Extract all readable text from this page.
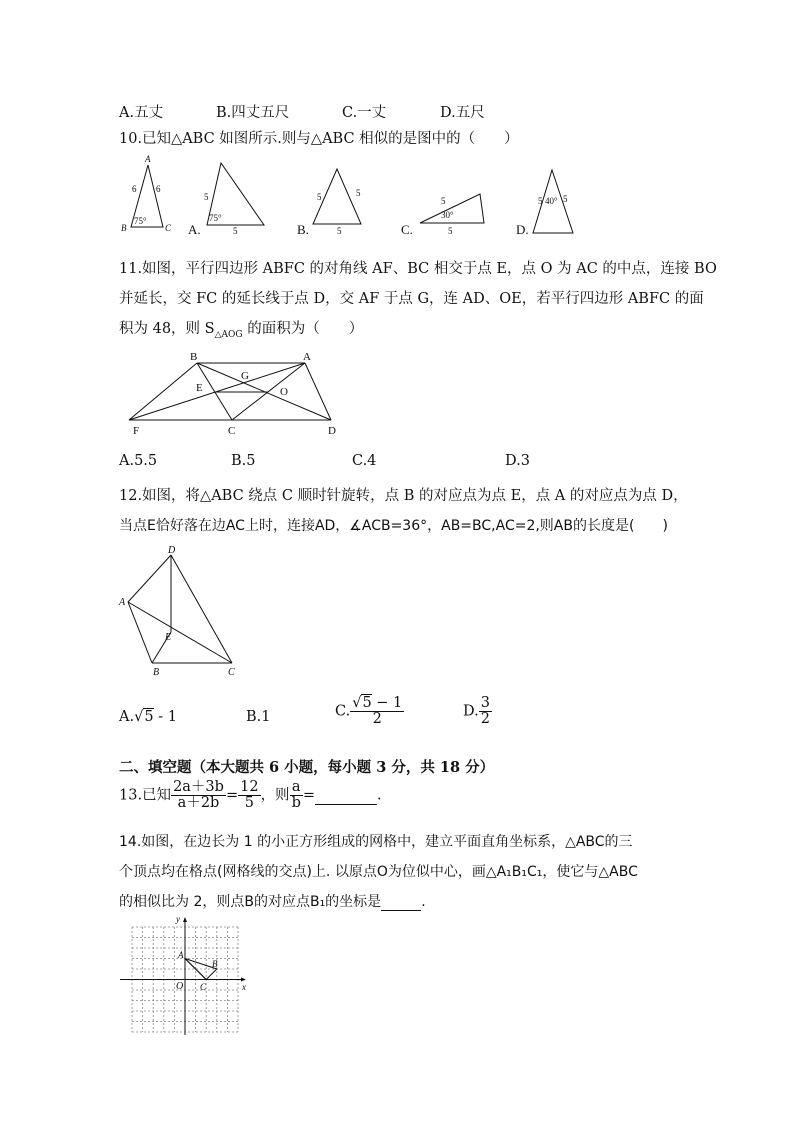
A.五丈	B.四丈五尺	C.一丈	D.五尺
10.已知△ABC 如图所示.则与△ABC 相似的是图中的（　　）
A
B	C
6 6
75°
5
5
75°
A.
5	5
5
B.
5
5
30°
C.
5 5
40°
D.
11.如图，平行四边形 ABFC 的对角线 AF、BC 相交于点 E，点 O 为 AC 的中点，连接 BO
并延长，交 FC 的延长线于点 D，交 AF 于点 G，连 AD、OE，若平行四边形 ABFC 的面
积为 48，则 $S_{\triangle AOG}$ 的面积为（　　）
B	A
G
E	O
F	C	D
A.5.5	B.5	C.4	D.3
12.如图，将△ABC 绕点 C 顺时针旋转，点 B 的对应点为点 E，点 A 的对应点为点 D，
当点E恰好落在边AC上时，连接AD，∡ACB=36°，AB=BC,AC=2,则AB的长度是(　　)
D
A
E
B	C
A.√5 - 1	B.1	C. $\frac{√5 - 1}{2}$	D. $\frac{3}{2}$
二、填空题（本大题共 6 小题，每小题 3 分，共 18 分）
13.已知 $\frac{2a+3b}{a+2b} = \frac{12}{5}$ ，则 $\frac{a}{b}$ =	.
14.如图，在边长为 1 的小正方形组成的网格中，建立平面直角坐标系，△ABC的三
个顶点均在格点(网格线的交点)上. 以原点O为位似中心，画△A₁B₁C₁，使它与△ABC
的相似比为 2，则点B的对应点B₁的坐标是	.
y
x
O
A
B
C
